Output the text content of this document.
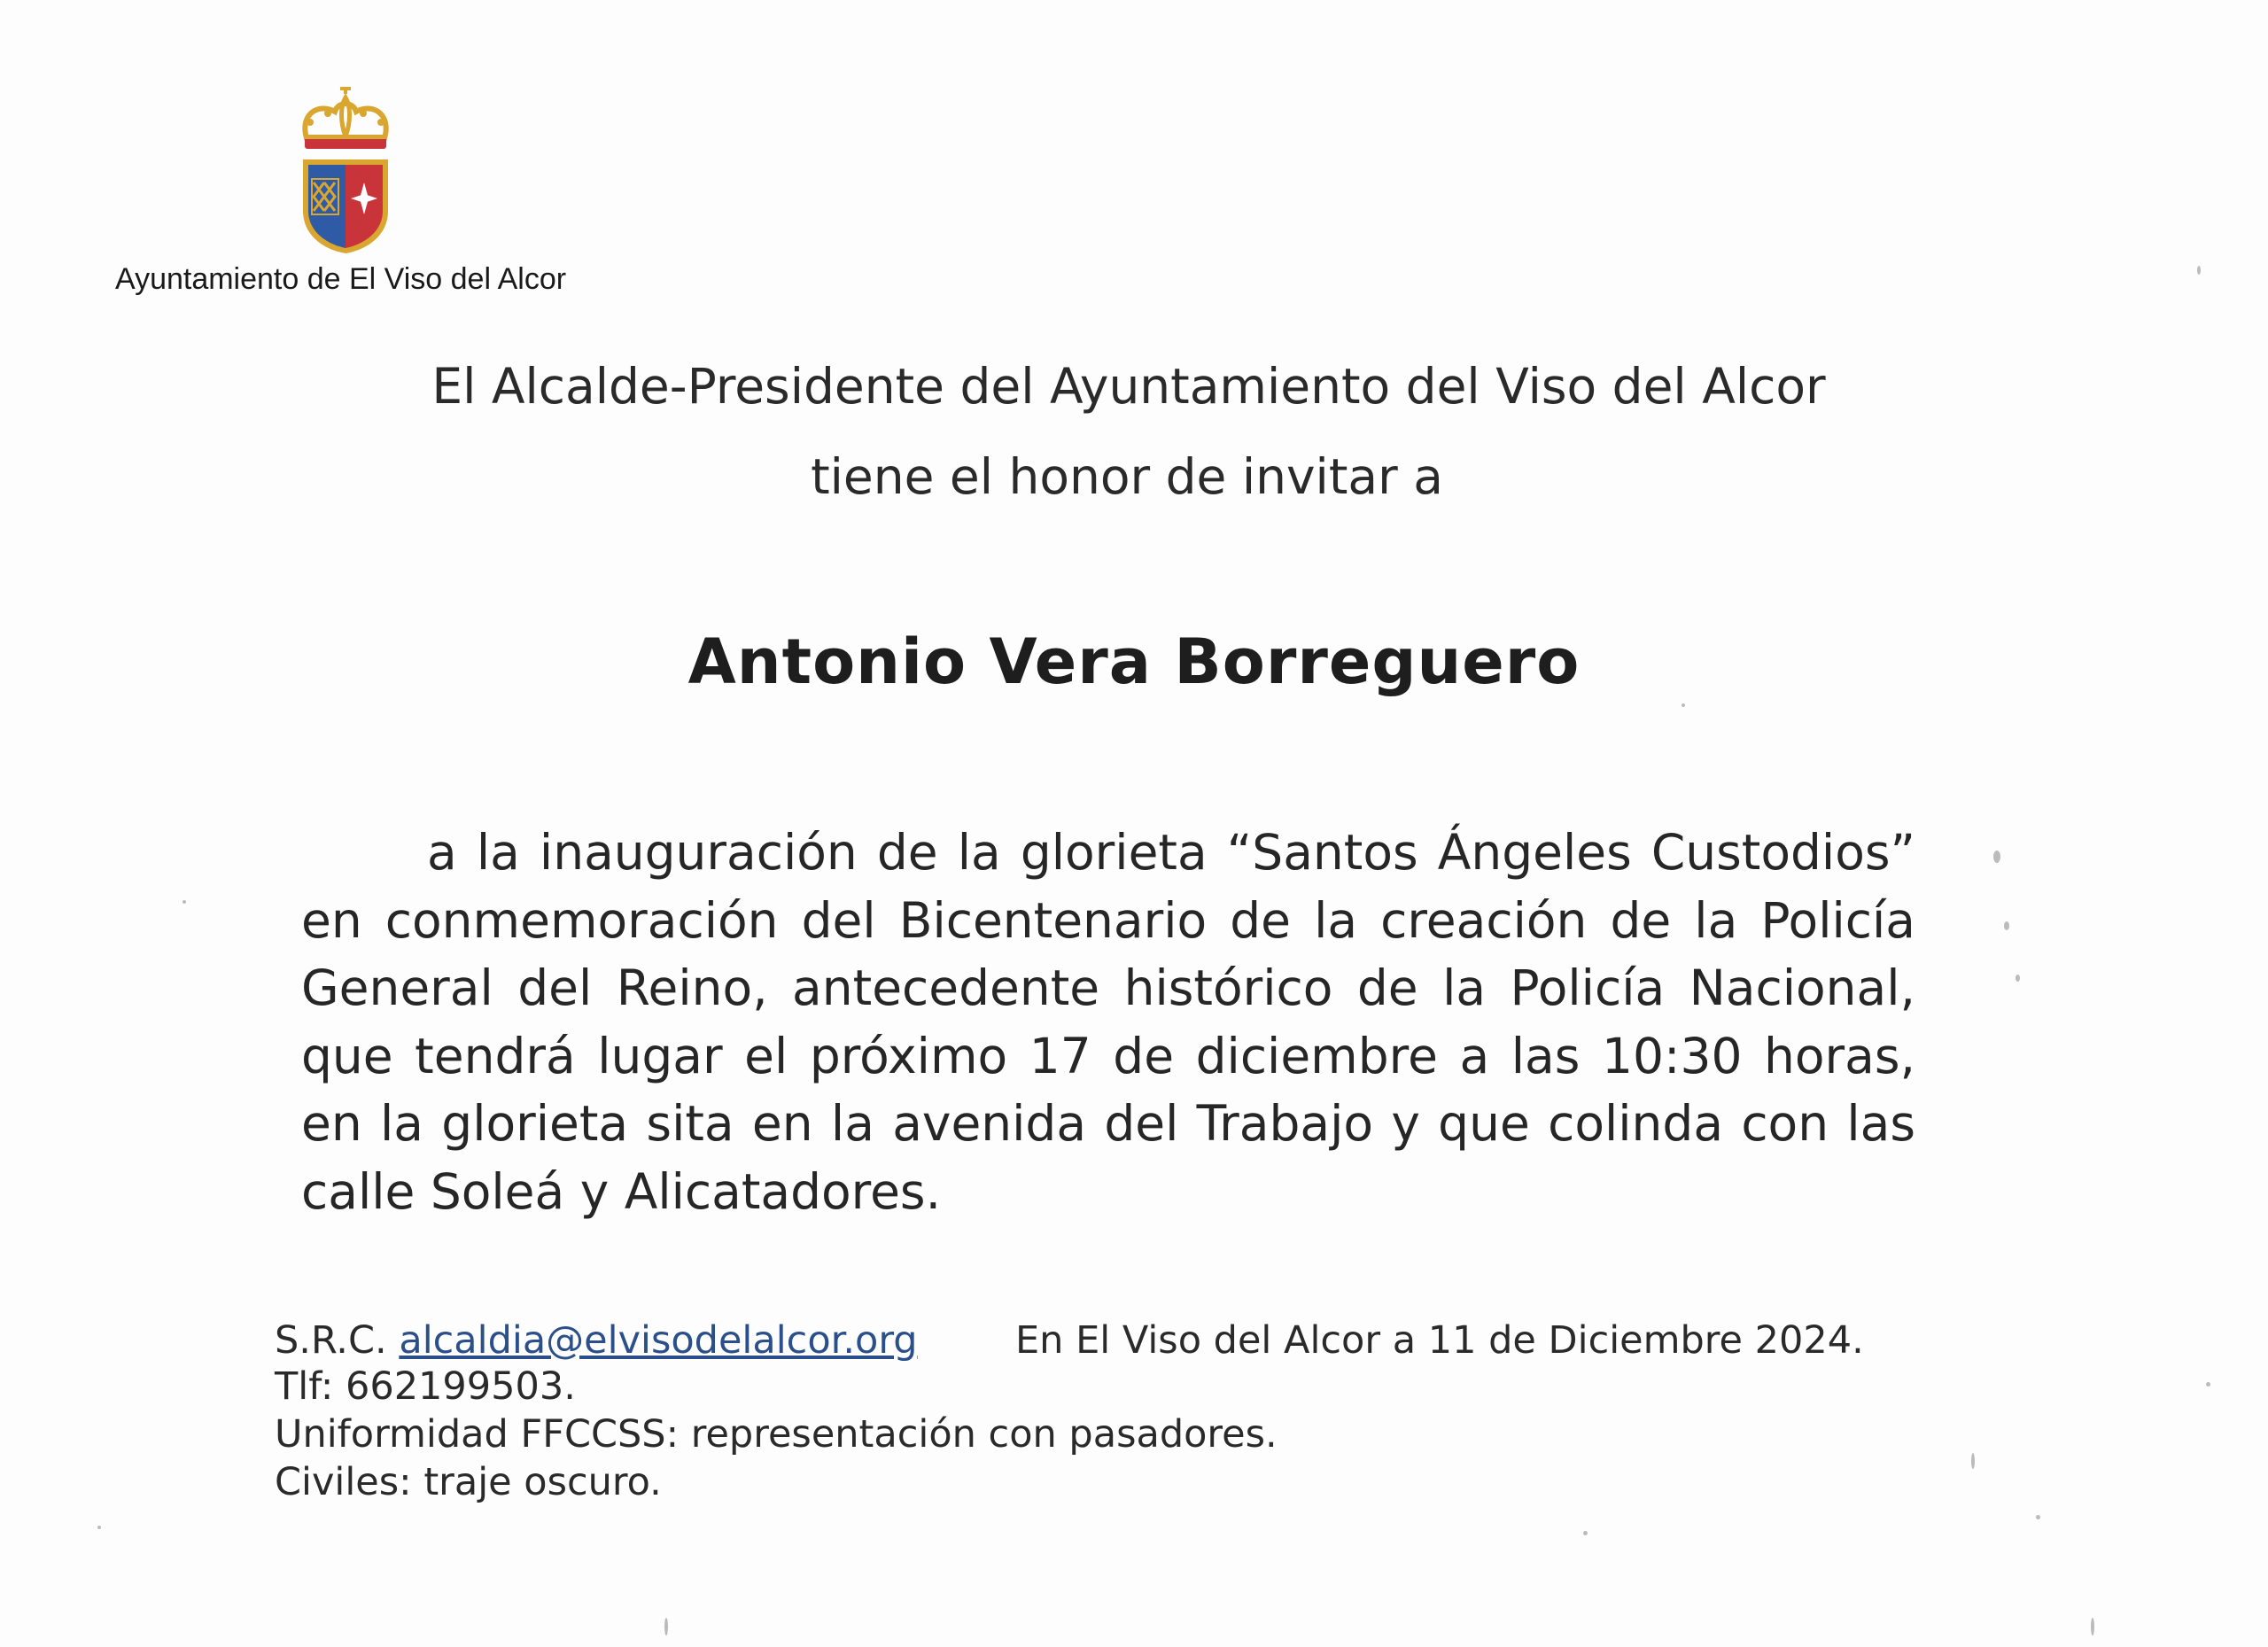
Ayuntamiento de El Viso del Alcor
El Alcalde-Presidente del Ayuntamiento del Viso del Alcor
tiene el honor de invitar a
Antonio Vera Borreguero
a la inauguración de la glorieta “Santos Ángeles Custodios” en conmemoración del Bicentenario de la creación de la Policía General del Reino, antecedente histórico de la Policía Nacional, que tendrá lugar el próximo 17 de diciembre a las 10:30 horas, en la glorieta sita en la avenida del Trabajo y que colinda con las calle Soleá y Alicatadores.
S.R.C. alcaldia@elvisodelalcor.org	En El Viso del Alcor a 11 de Diciembre 2024.
Tlf: 662199503.
Uniformidad FFCCSS: representación con pasadores.
Civiles: traje oscuro.
